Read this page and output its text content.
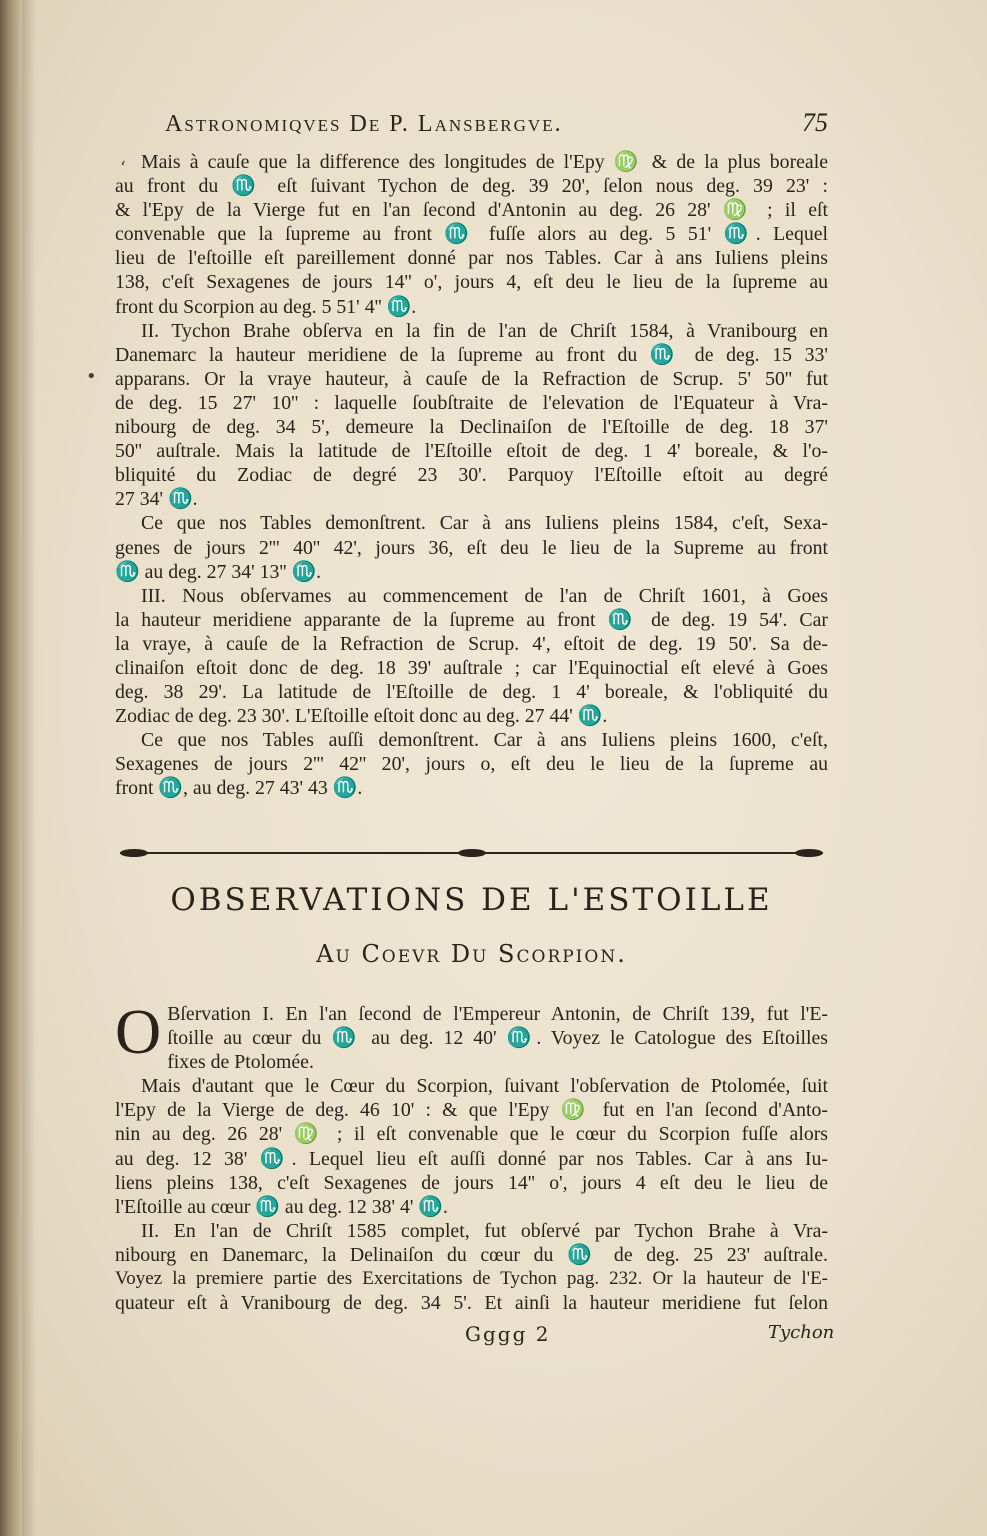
Astronomiqves De P. Lansbergve.	75
‘
•
Mais à cauſe que la difference des longitudes de l'Epy ♍ & de la plus boreale
au front du ♏ eſt ſuivant Tychon de deg. 39 20', ſelon nous deg. 39 23' :
& l'Epy de la Vierge fut en l'an ſecond d'Antonin au deg. 26 28' ♍ ; il eſt
convenable que la ſupreme au front ♏ fuſſe alors au deg. 5 51' ♏. Lequel
lieu de l'eſtoille eſt pareillement donné par nos Tables. Car à ans Iuliens pleins
138, c'eſt Sexagenes de jours 14'' o', jours 4, eſt deu le lieu de la ſupreme au
front du Scorpion au deg. 5 51' 4'' ♏.
II. Tychon Brahe obſerva en la fin de l'an de Chriſt 1584, à Vranibourg en
Danemarc la hauteur meridiene de la ſupreme au front du ♏ de deg. 15 33'
apparans. Or la vraye hauteur, à cauſe de la Refraction de Scrup. 5' 50'' fut
de deg. 15 27' 10'' : laquelle ſoubſtraite de l'elevation de l'Equateur à Vra-
nibourg de deg. 34 5', demeure la Declinaiſon de l'Eſtoille de deg. 18 37'
50'' auſtrale. Mais la latitude de l'Eſtoille eſtoit de deg. 1 4' boreale, & l'o-
bliquité du Zodiac de degré 23 30'. Parquoy l'Eſtoille eſtoit au degré
27 34' ♏.
Ce que nos Tables demonſtrent. Car à ans Iuliens pleins 1584, c'eſt, Sexa-
genes de jours 2''' 40'' 42', jours 36, eſt deu le lieu de la Supreme au front
♏ au deg. 27 34' 13'' ♏.
III. Nous obſervames au commencement de l'an de Chriſt 1601, à Goes
la hauteur meridiene apparante de la ſupreme au front ♏ de deg. 19 54'. Car
la vraye, à cauſe de la Refraction de Scrup. 4', eſtoit de deg. 19 50'. Sa de-
clinaiſon eſtoit donc de deg. 18 39' auſtrale ; car l'Equinoctial eſt elevé à Goes
deg. 38 29'. La latitude de l'Eſtoille de deg. 1 4' boreale, & l'obliquité du
Zodiac de deg. 23 30'. L'Eſtoille eſtoit donc au deg. 27 44' ♏.
Ce que nos Tables auſſi demonſtrent. Car à ans Iuliens pleins 1600, c'eſt,
Sexagenes de jours 2''' 42'' 20', jours o, eſt deu le lieu de la ſupreme au
front ♏, au deg. 27 43' 43 ♏.
OBSERVATIONS DE L'ESTOILLE
Au Coevr Du Scorpion.
O Bſervation I. En l'an ſecond de l'Empereur Antonin, de Chriſt 139, fut l'E-
ſtoille au cœur du ♏ au deg. 12 40' ♏. Voyez le Catologue des Eſtoilles
fixes de Ptolomée.
Mais d'autant que le Cœur du Scorpion, ſuivant l'obſervation de Ptolomée, ſuit
l'Epy de la Vierge de deg. 46 10' : & que l'Epy ♍ fut en l'an ſecond d'Anto-
nin au deg. 26 28' ♍ ; il eſt convenable que le cœur du Scorpion fuſſe alors
au deg. 12 38' ♏. Lequel lieu eſt auſſi donné par nos Tables. Car à ans Iu-
liens pleins 138, c'eſt Sexagenes de jours 14'' o', jours 4 eſt deu le lieu de
l'Eſtoille au cœur ♏ au deg. 12 38' 4' ♏.
II. En l'an de Chriſt 1585 complet, fut obſervé par Tychon Brahe à Vra-
nibourg en Danemarc, la Delinaiſon du cœur du ♏ de deg. 25 23' auſtrale.
Voyez la premiere partie des Exercitations de Tychon pag. 232. Or la hauteur de l'E-
quateur eſt à Vranibourg de deg. 34 5'. Et ainſi la hauteur meridiene fut ſelon
Gggg 2	Tychon
